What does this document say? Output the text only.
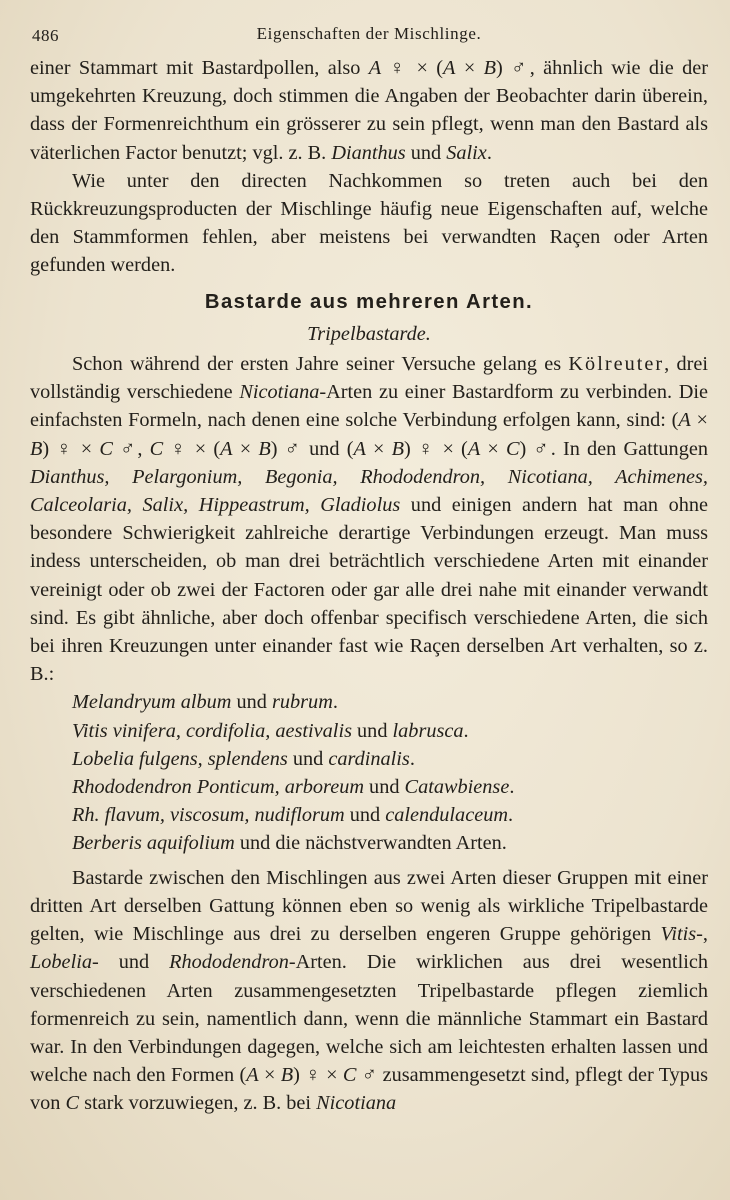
486	Eigenschaften der Mischlinge.

einer Stammart mit Bastardpollen, also A ♀ × (A × B) ♂, ähnlich wie die der umgekehrten Kreuzung, doch stimmen die Angaben der Beobachter darin überein, dass der Formenreichthum ein grösserer zu sein pflegt, wenn man den Bastard als väterlichen Factor benutzt; vgl. z. B. Dianthus und Salix.

Wie unter den directen Nachkommen so treten auch bei den Rückkreuzungsproducten der Mischlinge häufig neue Eigenschaften auf, welche den Stammformen fehlen, aber meistens bei verwandten Raçen oder Arten gefunden werden.

Bastarde aus mehreren Arten.
Tripelbastarde.

Schon während der ersten Jahre seiner Versuche gelang es Kölreuter, drei vollständig verschiedene Nicotiana-Arten zu einer Bastardform zu verbinden. Die einfachsten Formeln, nach denen eine solche Verbindung erfolgen kann, sind: (A × B) ♀ × C ♂, C ♀ × (A × B) ♂ und (A × B) ♀ × (A × C) ♂. In den Gattungen Dianthus, Pelargonium, Begonia, Rhododendron, Nicotiana, Achimenes, Calceolaria, Salix, Hippeastrum, Gladiolus und einigen andern hat man ohne besondere Schwierigkeit zahlreiche derartige Verbindungen erzeugt. Man muss indess unterscheiden, ob man drei beträchtlich verschiedene Arten mit einander vereinigt oder ob zwei der Factoren oder gar alle drei nahe mit einander verwandt sind. Es gibt ähnliche, aber doch offenbar specifisch verschiedene Arten, die sich bei ihren Kreuzungen unter einander fast wie Raçen derselben Art verhalten, so z. B.:

Melandryum album und rubrum.
Vitis vinifera, cordifolia, aestivalis und labrusca.
Lobelia fulgens, splendens und cardinalis.
Rhododendron Ponticum, arboreum und Catawbiense.
Rh. flavum, viscosum, nudiflorum und calendulaceum.
Berberis aquifolium und die nächstverwandten Arten.

Bastarde zwischen den Mischlingen aus zwei Arten dieser Gruppen mit einer dritten Art derselben Gattung können eben so wenig als wirkliche Tripelbastarde gelten, wie Mischlinge aus drei zu derselben engeren Gruppe gehörigen Vitis-, Lobelia- und Rhododendron-Arten. Die wirklichen aus drei wesentlich verschiedenen Arten zusammengesetzten Tripelbastarde pflegen ziemlich formenreich zu sein, namentlich dann, wenn die männliche Stammart ein Bastard war. In den Verbindungen dagegen, welche sich am leichtesten erhalten lassen und welche nach den Formen (A × B) ♀ × C ♂ zusammengesetzt sind, pflegt der Typus von C stark vorzuwiegen, z. B. bei Nicotiana
